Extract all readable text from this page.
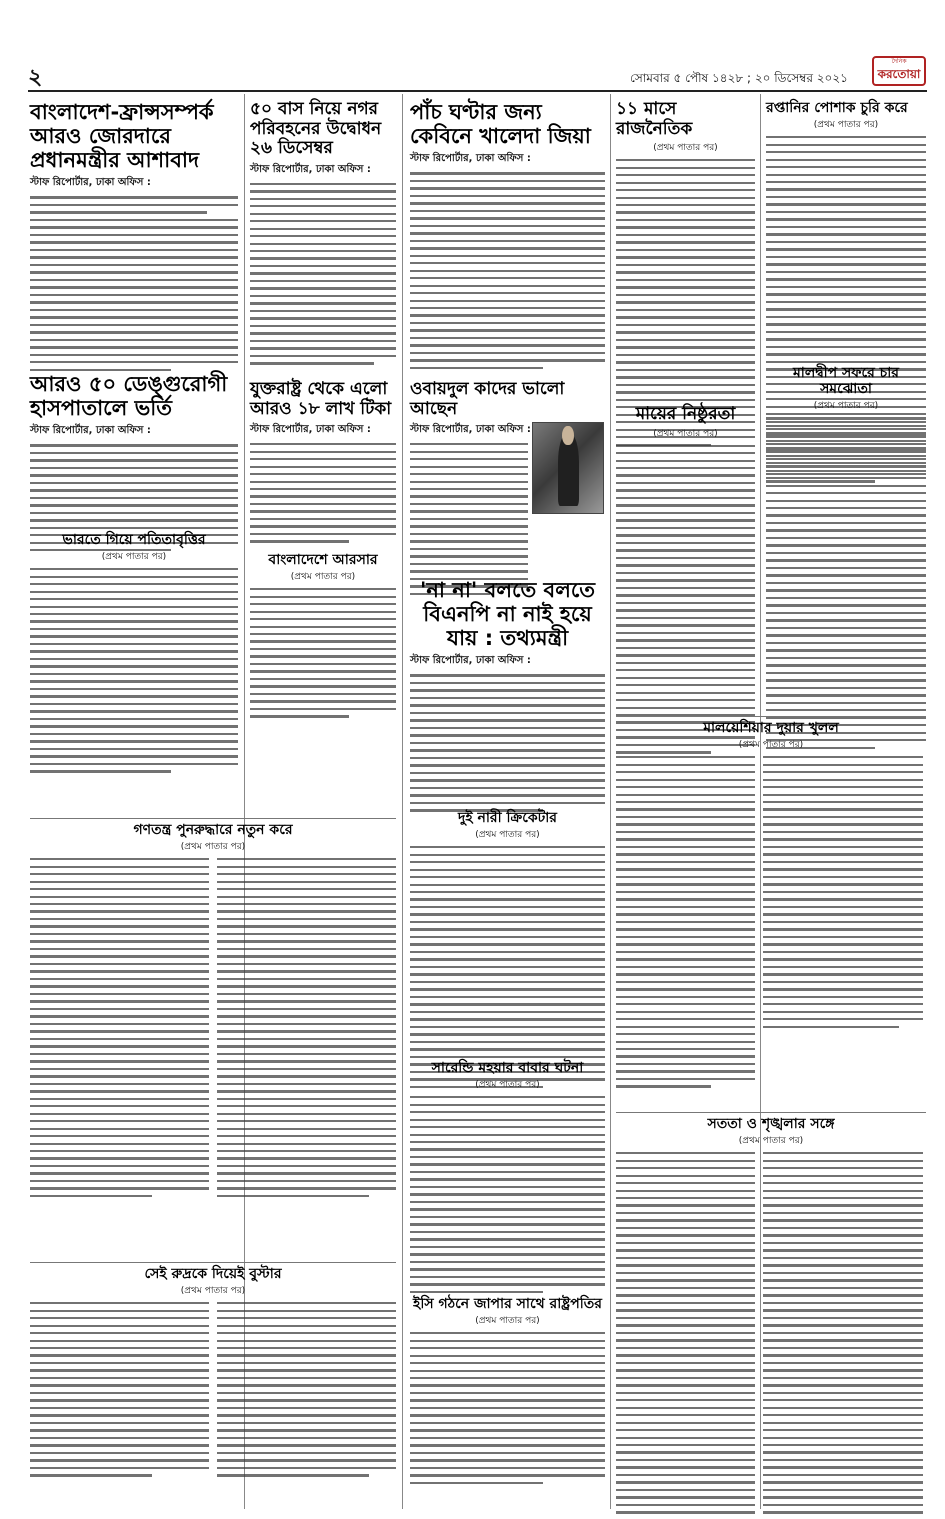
২	সোমবার ৫ পৌষ ১৪২৮ ; ২০ ডিসেম্বর ২০২১
দৈনিক
করতোয়া
বাংলাদেশ-ফ্রান্সসম্পর্ক আরও জোরদারে প্রধানমন্ত্রীর আশাবাদ
স্টাফ রিপোর্টার, ঢাকা অফিস :
৫০ বাস নিয়ে নগর পরিবহনের উদ্বোধন ২৬ ডিসেম্বর
স্টাফ রিপোর্টার, ঢাকা অফিস :
পাঁচ ঘণ্টার জন্য কেবিনে খালেদা জিয়া
স্টাফ রিপোর্টার, ঢাকা অফিস :
১১ মাসে রাজনৈতিক
(প্রথম পাতার পর)
রপ্তানির পোশাক চুরি করে
(প্রথম পাতার পর)
আরও ৫০ ডেঙ্গুরোগী হাসপাতালে ভর্তি
স্টাফ রিপোর্টার, ঢাকা অফিস :
যুক্তরাষ্ট্র থেকে এলো আরও ১৮ লাখ টিকা
স্টাফ রিপোর্টার, ঢাকা অফিস :
ওবায়দুল কাদের ভালো আছেন
স্টাফ রিপোর্টার, ঢাকা অফিস :
মায়ের নিষ্ঠুরতা
(প্রথম পাতার পর)
মালদ্বীপ সফরে চার সমঝোতা
(প্রথম পাতার পর)
ভারতে গিয়ে পতিতাবৃত্তির
(প্রথম পাতার পর)	বাংলাদেশে আরসার
(প্রথম পাতার পর)
'না না' বলতে বলতে বিএনপি না নাই হয়ে যায় : তথ্যমন্ত্রী
স্টাফ রিপোর্টার, ঢাকা অফিস :
গণতন্ত্র পুনরুদ্ধারে নতুন করে
(প্রথম পাতার পর)
দুই নারী ক্রিকেটার
(প্রথম পাতার পর)
মালয়েশিয়ার দুয়ার খুলল
(প্রথম পাতার পর)
সারেন্ডি মহয়ার বাবার ঘটনা
(প্রথম পাতার পর)
সেই রুদ্রকে দিয়েই বুস্টার
(প্রথম পাতার পর)
ইসি গঠনে জাপার সাথে রাষ্ট্রপতির
(প্রথম পাতার পর)
সততা ও শৃঙ্খলার সঙ্গে
(প্রথম পাতার পর)
